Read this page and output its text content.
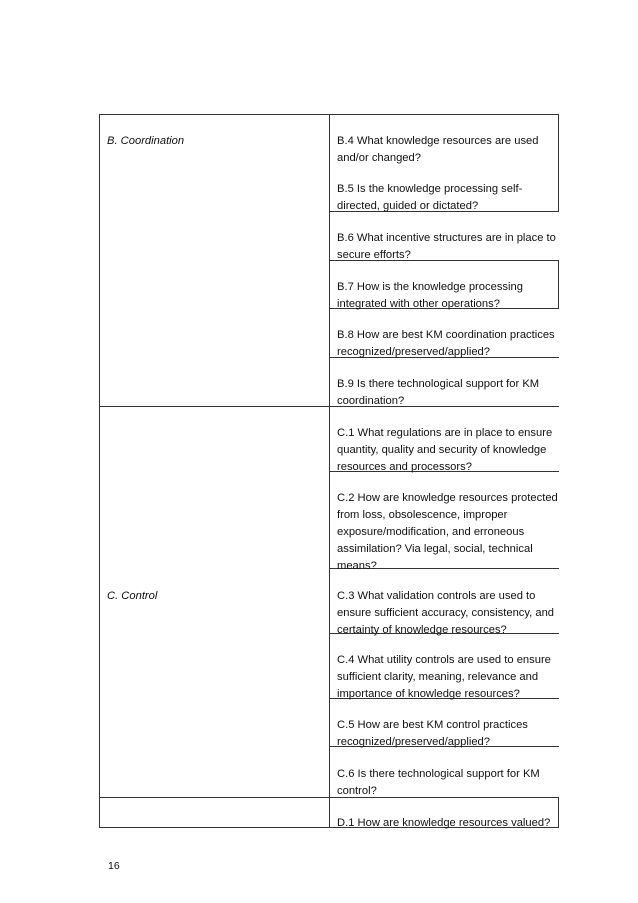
B. Coordination
C. Control
B.4 What knowledge resources are used and/or changed?
B.5 Is the knowledge processing self-directed, guided or dictated?
B.6 What incentive structures are in place to secure efforts?
B.7 How is the knowledge processing integrated with other operations?
B.8 How are best KM coordination practices recognized/preserved/applied?
B.9 Is there technological support for KM coordination?
C.1 What regulations are in place to ensure quantity, quality and security of knowledge resources and processors?
C.2 How are knowledge resources protected from loss, obsolescence, improper exposure/modification, and erroneous assimilation? Via legal, social, technical means?
C.3 What validation controls are used to ensure sufficient accuracy, consistency, and certainty of knowledge resources?
C.4 What utility controls are used to ensure sufficient clarity, meaning, relevance and importance of knowledge resources?
C.5 How are best KM control practices recognized/preserved/applied?
C.6 Is there technological support for KM control?
D.1 How are knowledge resources valued?
16
